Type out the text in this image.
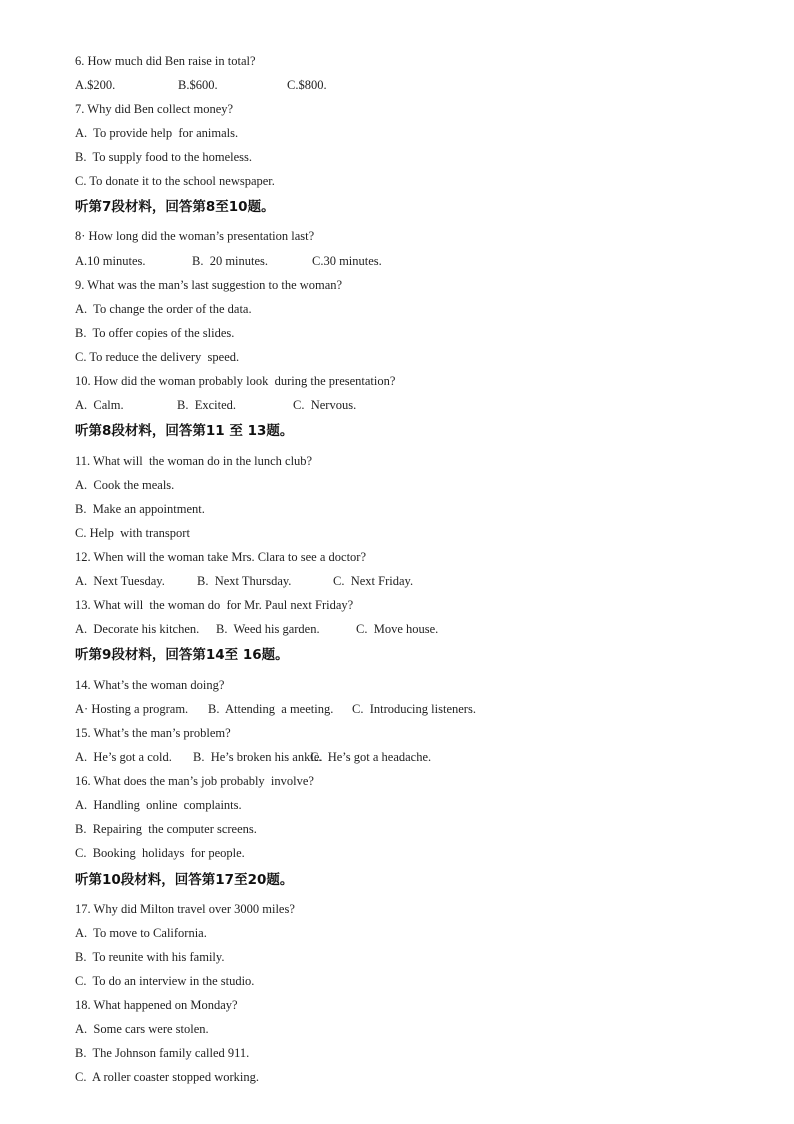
6. How much did Ben raise in total?
A.$200.	B.$600.	C.$800.
7. Why did Ben collect money?
A.  To provide help  for animals.
B.  To supply food to the homeless.
C. To donate it to the school newspaper.
听第7段材料，回答第8至10题。
8· How long did the woman’s presentation last?
A.10 minutes.	B.  20 minutes.	C.30 minutes.
9. What was the man’s last suggestion to the woman?
A.  To change the order of the data.
B.  To offer copies of the slides.
C. To reduce the delivery  speed.
10. How did the woman probably look  during the presentation?
A.  Calm.	B.  Excited.	C.  Nervous.
听第8段材料，回答第11 至 13题。
11. What will  the woman do in the lunch club?
A.  Cook the meals.
B.  Make an appointment.
C. Help  with transport
12. When will the woman take Mrs. Clara to see a doctor?
A.  Next Tuesday.	B.  Next Thursday.	C.  Next Friday.
13. What will  the woman do  for Mr. Paul next Friday?
A.  Decorate his kitchen. B.  Weed his garden.	C.  Move house.
听第9段材料，回答第14至 16题。
14. What’s the woman doing?
A· Hosting a program. B.  Attending  a meeting. C.  Introducing listeners.
15. What’s the man’s problem?
A.  He’s got a cold. B.  He’s broken his ankle.
C.  He’s got a headache.
16. What does the man’s job probably  involve?
A.  Handling  online  complaints.
B.  Repairing  the computer screens.
C.  Booking  holidays  for people.
听第10段材料，回答第17至20题。
17. Why did Milton travel over 3000 miles?
A.  To move to California.
B.  To reunite with his family.
C.  To do an interview in the studio.
18. What happened on Monday?
A.  Some cars were stolen.
B.  The Johnson family called 911.
C.  A roller coaster stopped working.
